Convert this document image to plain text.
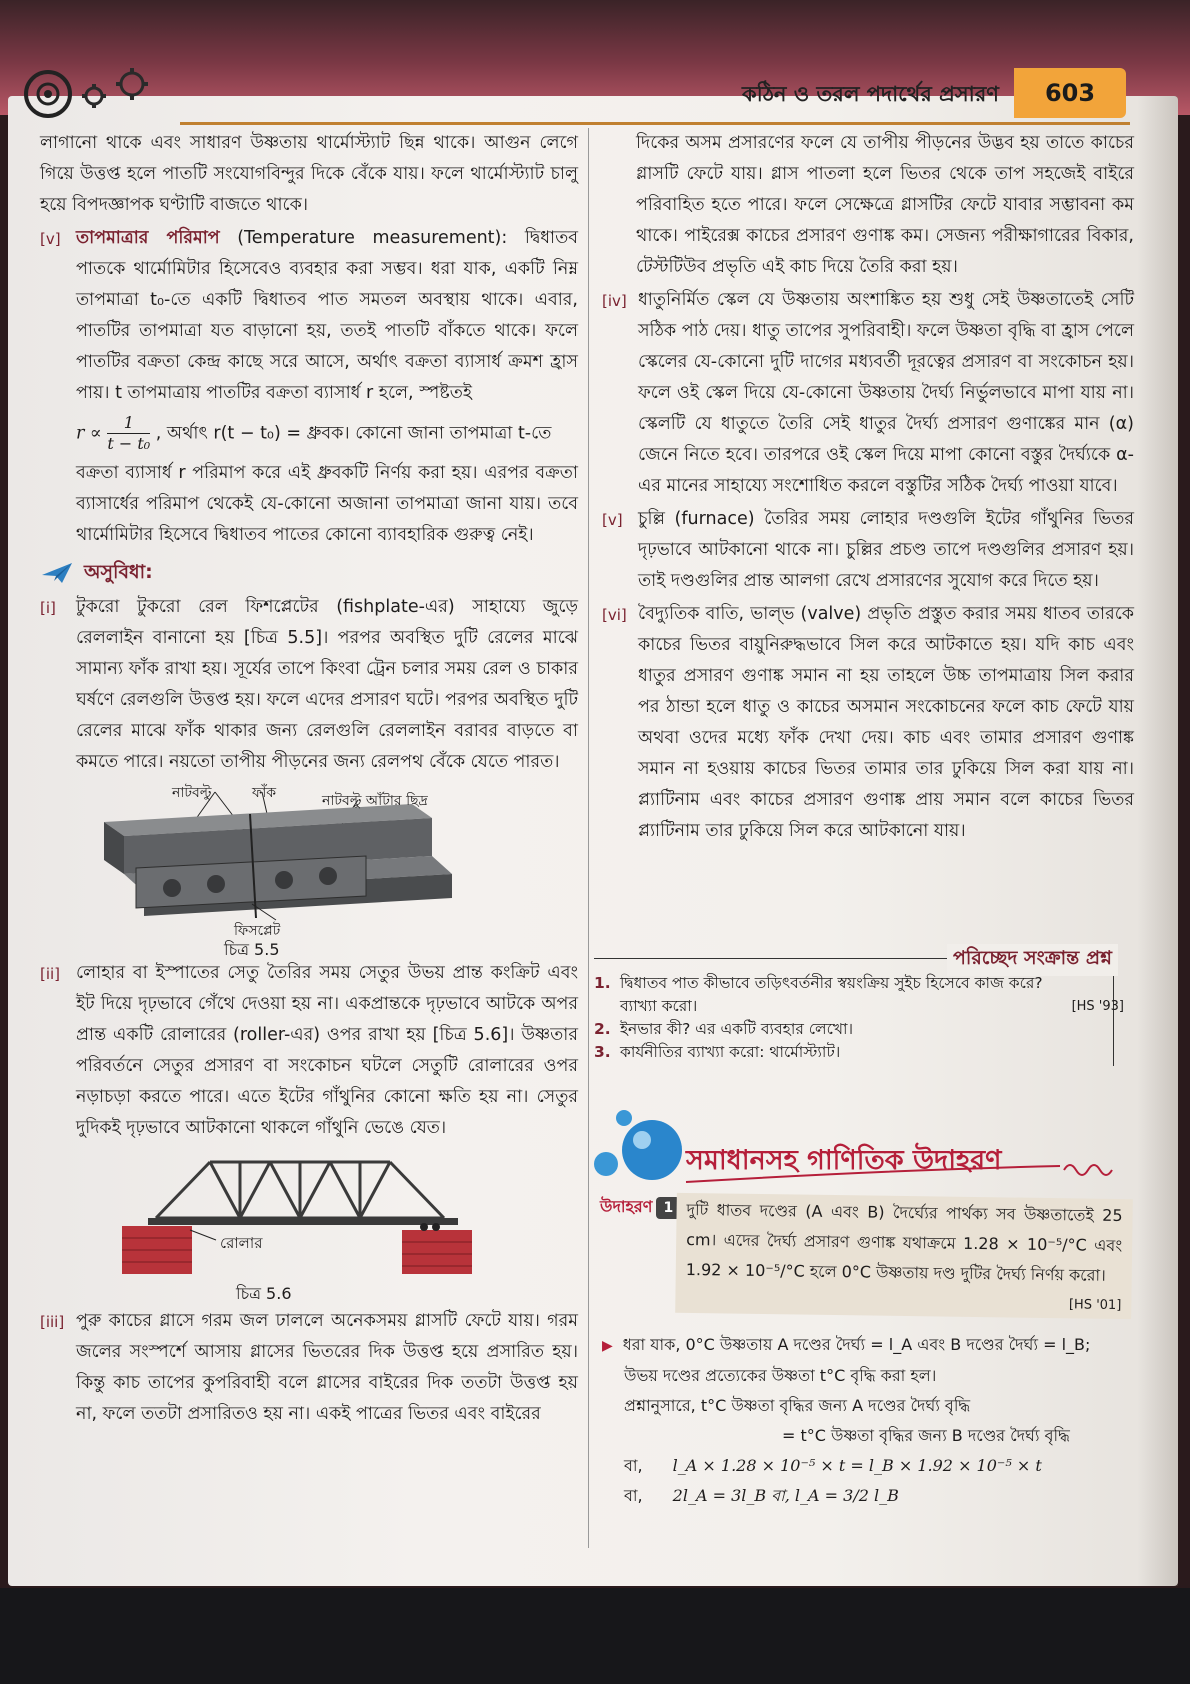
কঠিন ও তরল পদার্থের প্রসারণ	603

লাগানো থাকে এবং সাধারণ উষ্ণতায় থার্মোস্ট্যাট ছিন্ন থাকে। আগুন লেগে গিয়ে উত্তপ্ত হলে পাতটি সংযোগবিন্দুর দিকে বেঁকে যায়। ফলে থার্মোস্ট্যাট চালু হয়ে বিপদজ্ঞাপক ঘণ্টাটি বাজতে থাকে।

[v] তাপমাত্রার পরিমাপ (Temperature measurement): দ্বিধাতব পাতকে থার্মোমিটার হিসেবেও ব্যবহার করা সম্ভব। ধরা যাক, একটি নিম্ন তাপমাত্রা t₀-তে একটি দ্বিধাতব পাত সমতল অবস্থায় থাকে। এবার, পাতটির তাপমাত্রা যত বাড়ানো হয়, ততই পাতটি বাঁকতে থাকে। ফলে পাতটির বক্রতা কেন্দ্র কাছে সরে আসে, অর্থাৎ বক্রতা ব্যাসার্ধ ক্রমশ হ্রাস পায়। t তাপমাত্রায় পাতটির বক্রতা ব্যাসার্ধ r হলে, স্পষ্টতই
$r \propto \frac{1}{\text{t − t₀}}$ , অর্থাৎ r(t − t₀) = ধ্রুবক। কোনো জানা তাপমাত্রা t-তে
বক্রতা ব্যাসার্ধ r পরিমাপ করে এই ধ্রুবকটি নির্ণয় করা হয়। এরপর বক্রতা ব্যাসার্ধের পরিমাপ থেকেই যে-কোনো অজানা তাপমাত্রা জানা যায়। তবে থার্মোমিটার হিসেবে দ্বিধাতব পাতের কোনো ব্যাবহারিক গুরুত্ব নেই।
অসুবিধা:
[i]	টুকরো টুকরো রেল ফিশপ্লেটের (fishplate-এর) সাহায্যে জুড়ে রেললাইন বানানো হয় [চিত্র 5.5]। পরপর অবস্থিত দুটি রেলের মাঝে সামান্য ফাঁক রাখা হয়। সূর্যের তাপে কিংবা ট্রেন চলার সময় রেল ও চাকার ঘর্ষণে রেলগুলি উত্তপ্ত হয়। ফলে এদের প্রসারণ ঘটে। পরপর অবস্থিত দুটি রেলের মাঝে ফাঁক থাকার জন্য রেলগুলি রেললাইন বরাবর বাড়তে বা কমতে পারে। নয়তো তাপীয় পীড়নের জন্য রেলপথ বেঁকে যেতে পারত।

নাটবল্টু	ফাঁক	নাটবল্টু আঁটার ছিদ্র
ফিসপ্লেট
চিত্র 5.5
[ii] লোহার বা ইস্পাতের সেতু তৈরির সময় সেতুর উভয় প্রান্ত কংক্রিট এবং ইট দিয়ে দৃঢ়ভাবে গেঁথে দেওয়া হয় না। একপ্রান্তকে দৃঢ়ভাবে আটকে অপর প্রান্ত একটি রোলারের (roller-এর) ওপর রাখা হয় [চিত্র 5.6]। উষ্ণতার পরিবর্তনে সেতুর প্রসারণ বা সংকোচন ঘটলে সেতুটি রোলারের ওপর নড়াচড়া করতে পারে। এতে ইটের গাঁথুনির কোনো ক্ষতি হয় না। সেতুর দুদিকই দৃঢ়ভাবে আটকানো থাকলে গাঁথুনি ভেঙে যেত।

রোলার
চিত্র 5.6
[iii] পুরু কাচের গ্লাসে গরম জল ঢাললে অনেকসময় গ্লাসটি ফেটে যায়। গরম জলের সংস্পর্শে আসায় গ্লাসের ভিতরের দিক উত্তপ্ত হয়ে প্রসারিত হয়। কিন্তু কাচ তাপের কুপরিবাহী বলে গ্লাসের বাইরের দিক ততটা উত্তপ্ত হয় না, ফলে ততটা প্রসারিতও হয় না। একই পাত্রের ভিতর এবং বাইরের

দিকের অসম প্রসারণের ফলে যে তাপীয় পীড়নের উদ্ভব হয় তাতে কাচের গ্লাসটি ফেটে যায়। গ্লাস পাতলা হলে ভিতর থেকে তাপ সহজেই বাইরে পরিবাহিত হতে পারে। ফলে সেক্ষেত্রে গ্লাসটির ফেটে যাবার সম্ভাবনা কম থাকে। পাইরেক্স কাচের প্রসারণ গুণাঙ্ক কম। সেজন্য পরীক্ষাগারের বিকার, টেস্টটিউব প্রভৃতি এই কাচ দিয়ে তৈরি করা হয়।

[iv] ধাতুনির্মিত স্কেল যে উষ্ণতায় অংশাঙ্কিত হয় শুধু সেই উষ্ণতাতেই সেটি সঠিক পাঠ দেয়। ধাতু তাপের সুপরিবাহী। ফলে উষ্ণতা বৃদ্ধি বা হ্রাস পেলে স্কেলের যে-কোনো দুটি দাগের মধ্যবর্তী দূরত্বের প্রসারণ বা সংকোচন হয়। ফলে ওই স্কেল দিয়ে যে-কোনো উষ্ণতায় দৈর্ঘ্য নির্ভুলভাবে মাপা যায় না। স্কেলটি যে ধাতুতে তৈরি সেই ধাতুর দৈর্ঘ্য প্রসারণ গুণাঙ্কের মান (α) জেনে নিতে হবে। তারপরে ওই স্কেল দিয়ে মাপা কোনো বস্তুর দৈর্ঘ্যকে α-এর মানের সাহায্যে সংশোধিত করলে বস্তুটির সঠিক দৈর্ঘ্য পাওয়া যাবে।

[v] চুল্লি (furnace) তৈরির সময় লোহার দণ্ডগুলি ইটের গাঁথুনির ভিতর দৃঢ়ভাবে আটকানো থাকে না। চুল্লির প্রচণ্ড তাপে দণ্ডগুলির প্রসারণ হয়। তাই দণ্ডগুলির প্রান্ত আলগা রেখে প্রসারণের সুযোগ করে দিতে হয়।

[vi] বৈদ্যুতিক বাতি, ভাল্ভ (valve) প্রভৃতি প্রস্তুত করার সময় ধাতব তারকে কাচের ভিতর বায়ুনিরুদ্ধভাবে সিল করে আটকাতে হয়। যদি কাচ এবং ধাতুর প্রসারণ গুণাঙ্ক সমান না হয় তাহলে উচ্চ তাপমাত্রায় সিল করার পর ঠান্ডা হলে ধাতু ও কাচের অসমান সংকোচনের ফলে কাচ ফেটে যায় অথবা ওদের মধ্যে ফাঁক দেখা দেয়। কাচ এবং তামার প্রসারণ গুণাঙ্ক সমান না হওয়ায় কাচের ভিতর তামার তার ঢুকিয়ে সিল করা যায় না। প্ল্যাটিনাম এবং কাচের প্রসারণ গুণাঙ্ক প্রায় সমান বলে কাচের ভিতর প্ল্যাটিনাম তার ঢুকিয়ে সিল করে আটকানো যায়।

পরিচ্ছেদ সংক্রান্ত প্রশ্ন
1. দ্বিধাতব পাত কীভাবে তড়িৎবর্তনীর স্বয়ংক্রিয় সুইচ হিসেবে কাজ করে? ব্যাখ্যা করো।	[HS '93]
2. ইনভার কী? এর একটি ব্যবহার লেখো।
3. কার্যনীতির ব্যাখ্যা করো: থার্মোস্ট্যাট।
সমাধানসহ গাণিতিক উদাহরণ
উদাহরণ 1 দুটি ধাতব দণ্ডের (A এবং B) দৈর্ঘ্যের পার্থক্য সব উষ্ণতাতেই 25 cm। এদের দৈর্ঘ্য প্রসারণ গুণাঙ্ক যথাক্রমে 1.28 × 10⁻⁵/°C এবং 1.92 × 10⁻⁵/°C হলে 0°C উষ্ণতায় দণ্ড দুটির দৈর্ঘ্য নির্ণয় করো।
[HS '01]
▶ ধরা যাক, 0°C উষ্ণতায় A দণ্ডের দৈর্ঘ্য = l_A এবং B দণ্ডের দৈর্ঘ্য = l_B;
উভয় দণ্ডের প্রত্যেকের উষ্ণতা t°C বৃদ্ধি করা হল।
প্রশ্নানুসারে, t°C উষ্ণতা বৃদ্ধির জন্য A দণ্ডের দৈর্ঘ্য বৃদ্ধি
= t°C উষ্ণতা বৃদ্ধির জন্য B দণ্ডের দৈর্ঘ্য বৃদ্ধি
বা, l_A × 1.28 × 10⁻⁵ × t = l_B × 1.92 × 10⁻⁵ × t
বা, 2l_A = 3l_B বা, l_A = 3/2 l_B
